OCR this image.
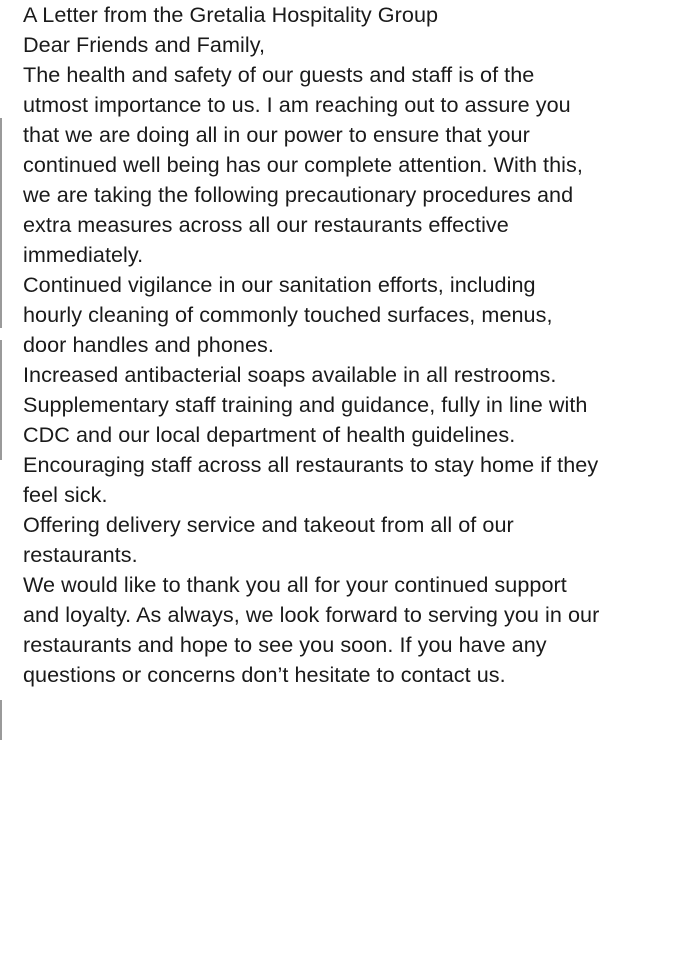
A Letter from the Gretalia Hospitality Group

Dear Friends and Family,

The health and safety of our guests and staff is of the
utmost importance to us. I am reaching out to assure you
that we are doing all in our power to ensure that your
continued well being has our complete attention. With this,
we are taking the following precautionary procedures and
extra measures across all our restaurants effective
immediately.

Continued vigilance in our sanitation efforts, including
hourly cleaning of commonly touched surfaces, menus,
door handles and phones.

Increased antibacterial soaps available in all restrooms.

Supplementary staff training and guidance, fully in line with
CDC and our local department of health guidelines.

Encouraging staff across all restaurants to stay home if they
feel sick.

Offering delivery service and takeout from all of our
restaurants.

We would like to thank you all for your continued support
and loyalty. As always, we look forward to serving you in our
restaurants and hope to see you soon. If you have any
questions or concerns don’t hesitate to contact us.
